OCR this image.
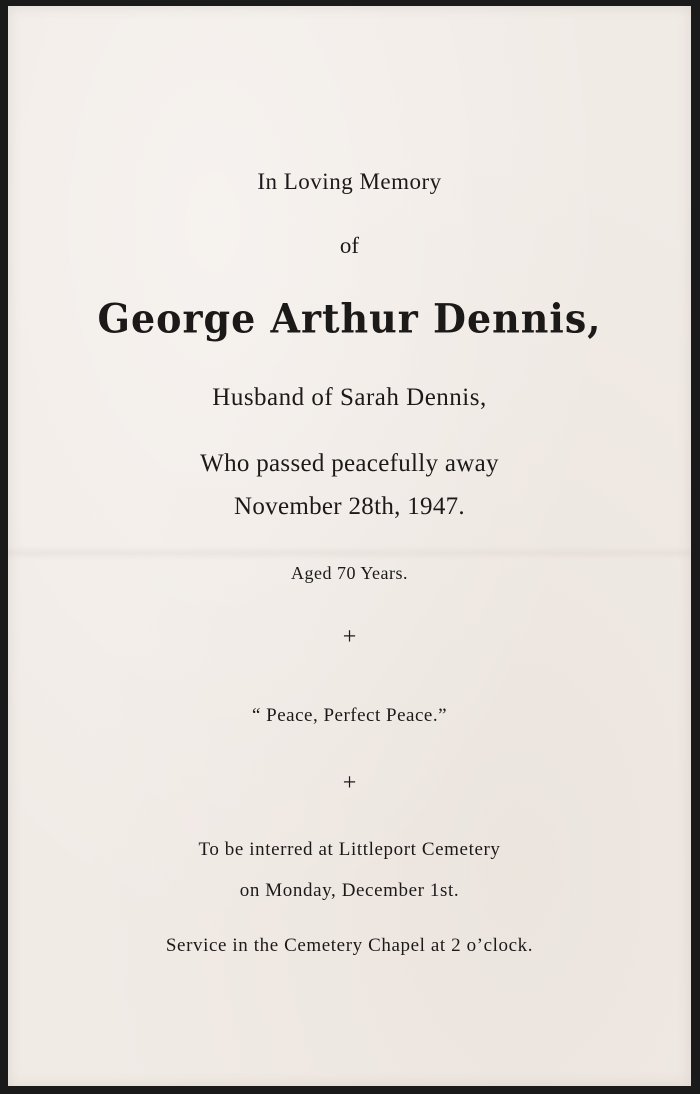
In Loving Memory
of
George Arthur Dennis,
Husband of Sarah Dennis,
Who passed peacefully away
November 28th, 1947.
Aged 70 Years.
+
“ Peace, Perfect Peace.”
+
To be interred at Littleport Cemetery
on Monday, December 1st.
Service in the Cemetery Chapel at 2 o’clock.
